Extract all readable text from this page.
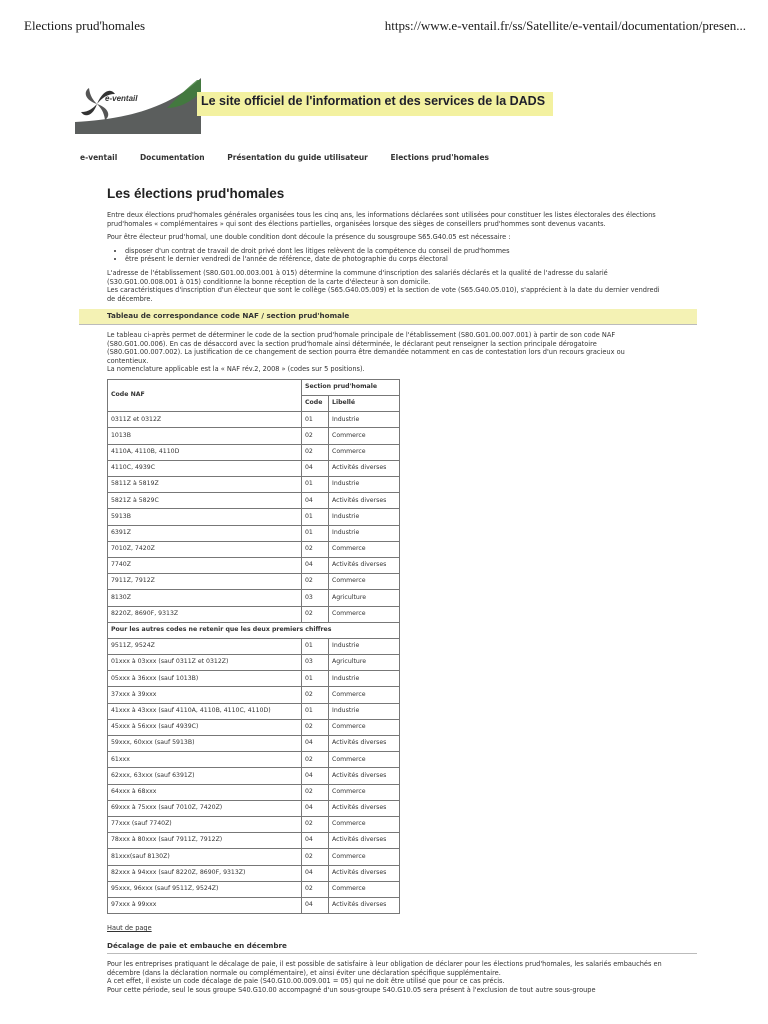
Elections prud'homales	https://www.e-ventail.fr/ss/Satellite/e-ventail/documentation/presen...
e-ventail	Le site officiel de l'information et des services de la DADS
e-ventail	Documentation	Présentation du guide utilisateur	Elections prud'homales
Les élections prud'homales

Entre deux élections prud'homales générales organisées tous les cinq ans, les informations déclarées sont utilisées pour constituer les listes électorales des élections prud'homales « complémentaires » qui sont des élections partielles, organisées lorsque des sièges de conseillers prud'hommes sont devenus vacants.

Pour être électeur prud'homal, une double condition dont découle la présence du sousgroupe S65.G40.05 est nécessaire :

• disposer d'un contrat de travail de droit privé dont les litiges relèvent de la compétence du conseil de prud'hommes
• être présent le dernier vendredi de l'année de référence, date de photographie du corps électoral

L'adresse de l'établissement (S80.G01.00.003.001 à 015) détermine la commune d'inscription des salariés déclarés et la qualité de l'adresse du salarié (S30.G01.00.008.001 à 015) conditionne la bonne réception de la carte d'électeur à son domicile.

Les caractéristiques d'inscription d'un électeur que sont le collège (S65.G40.05.009) et la section de vote (S65.G40.05.010), s'apprécient à la date du dernier vendredi de décembre.

Tableau de correspondance code NAF / section prud'homale

Le tableau ci-après permet de déterminer le code de la section prud'homale principale de l'établissement (S80.G01.00.007.001) à partir de son code NAF (S80.G01.00.006). En cas de désaccord avec la section prud'homale ainsi déterminée, le déclarant peut renseigner la section principale dérogatoire (S80.G01.00.007.002). La justification de ce changement de section pourra être demandée notamment en cas de contestation lors d'un recours gracieux ou contentieux.

La nomenclature applicable est la « NAF rév.2, 2008 » (codes sur 5 positions).

Code NAF	Section prud'homale	
	Code	Libellé
0311Z et 0312Z	01	Industrie
1013B	02	Commerce
4110A, 4110B, 4110D	02	Commerce
4110C, 4939C	04	Activités diverses
5811Z à 5819Z	01	Industrie
5821Z à 5829C	04	Activités diverses
5913B	01	Industrie
6391Z	01	Industrie
7010Z, 7420Z	02	Commerce
7740Z	04	Activités diverses
7911Z, 7912Z	02	Commerce
8130Z	03	Agriculture
8220Z, 8690F, 9313Z	02	Commerce
Pour les autres codes ne retenir que les deux premiers chiffres		
9511Z, 9524Z	01	Industrie
01xxx à 03xxx (sauf 0311Z et 0312Z)	03	Agriculture
05xxx à 36xxx (sauf 1013B)	01	Industrie
37xxx à 39xxx	02	Commerce
41xxx à 43xxx (sauf 4110A, 4110B, 4110C, 4110D)	01	Industrie
45xxx à 56xxx (sauf 4939C)	02	Commerce
59xxx, 60xxx (sauf 5913B)	04	Activités diverses
61xxx	02	Commerce
62xxx, 63xxx (sauf 6391Z)	04	Activités diverses
64xxx à 68xxx	02	Commerce
69xxx à 75xxx (sauf 7010Z, 7420Z)	04	Activités diverses
77xxx (sauf 7740Z)	02	Commerce
78xxx à 80xxx (sauf 7911Z, 7912Z)	04	Activités diverses
81xxx(sauf 8130Z)	02	Commerce
82xxx à 94xxx (sauf 8220Z, 8690F, 9313Z)	04	Activités diverses
95xxx, 96xxx (sauf 9511Z, 9524Z)	02	Commerce
97xxx à 99xxx	04	Activités diverses
Haut de page
Décalage de paie et embauche en décembre

Pour les entreprises pratiquant le décalage de paie, il est possible de satisfaire à leur obligation de déclarer pour les élections prud'homales, les salariés embauchés en décembre (dans la déclaration normale ou complémentaire), et ainsi éviter une déclaration spécifique supplémentaire.

A cet effet, il existe un code décalage de paie (S40.G10.00.009.001 = 05) qui ne doit être utilisé que pour ce cas précis.

Pour cette période, seul le sous groupe S40.G10.00 accompagné d'un sous-groupe S40.G10.05 sera présent à l'exclusion de tout autre sous-groupe
